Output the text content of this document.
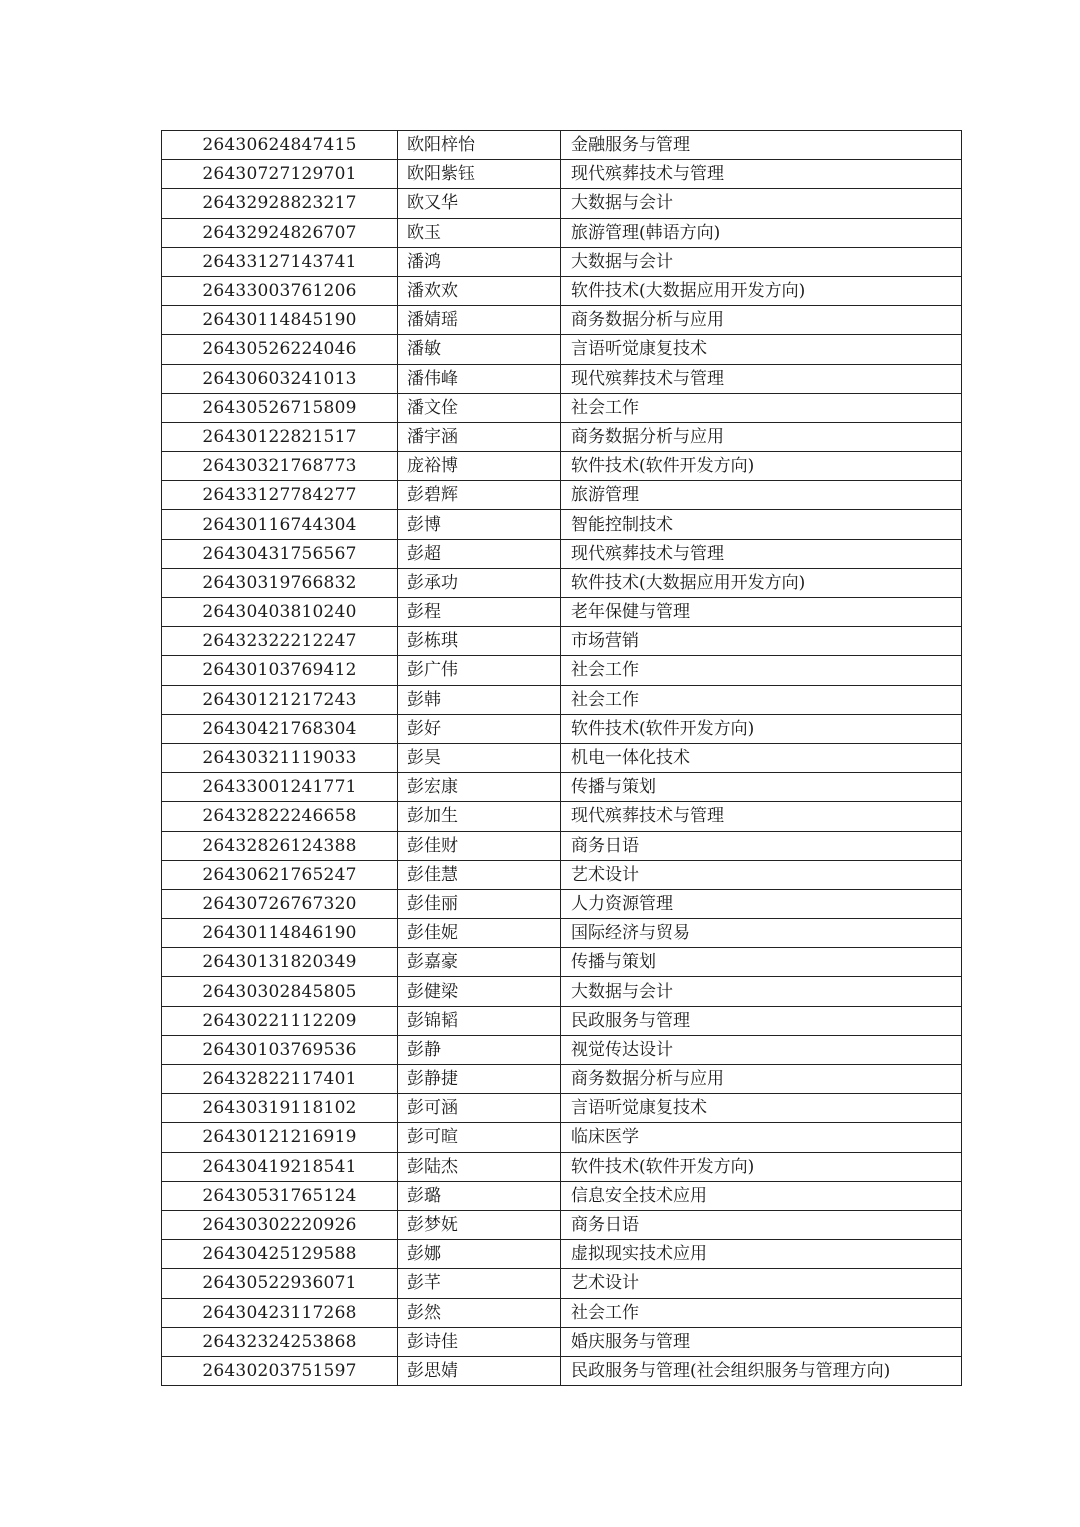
26430624847415	欧阳梓怡	金融服务与管理
26430727129701	欧阳紫钰	现代殡葬技术与管理
26432928823217	欧又华	大数据与会计
26432924826707	欧玉	旅游管理(韩语方向)
26433127143741	潘鸿	大数据与会计
26433003761206	潘欢欢	软件技术(大数据应用开发方向)
26430114845190	潘婧瑶	商务数据分析与应用
26430526224046	潘敏	言语听觉康复技术
26430603241013	潘伟峰	现代殡葬技术与管理
26430526715809	潘文佺	社会工作
26430122821517	潘宇涵	商务数据分析与应用
26430321768773	庞裕博	软件技术(软件开发方向)
26433127784277	彭碧辉	旅游管理
26430116744304	彭博	智能控制技术
26430431756567	彭超	现代殡葬技术与管理
26430319766832	彭承功	软件技术(大数据应用开发方向)
26430403810240	彭程	老年保健与管理
26432322212247	彭栋琪	市场营销
26430103769412	彭广伟	社会工作
26430121217243	彭韩	社会工作
26430421768304	彭好	软件技术(软件开发方向)
26430321119033	彭昊	机电一体化技术
26433001241771	彭宏康	传播与策划
26432822246658	彭加生	现代殡葬技术与管理
26432826124388	彭佳财	商务日语
26430621765247	彭佳慧	艺术设计
26430726767320	彭佳丽	人力资源管理
26430114846190	彭佳妮	国际经济与贸易
26430131820349	彭嘉豪	传播与策划
26430302845805	彭健梁	大数据与会计
26430221112209	彭锦韬	民政服务与管理
26430103769536	彭静	视觉传达设计
26432822117401	彭静捷	商务数据分析与应用
26430319118102	彭可涵	言语听觉康复技术
26430121216919	彭可暄	临床医学
26430419218541	彭陆杰	软件技术(软件开发方向)
26430531765124	彭璐	信息安全技术应用
26430302220926	彭梦妩	商务日语
26430425129588	彭娜	虚拟现实技术应用
26430522936071	彭芊	艺术设计
26430423117268	彭然	社会工作
26432324253868	彭诗佳	婚庆服务与管理
26430203751597	彭思婧	民政服务与管理(社会组织服务与管理方向)
